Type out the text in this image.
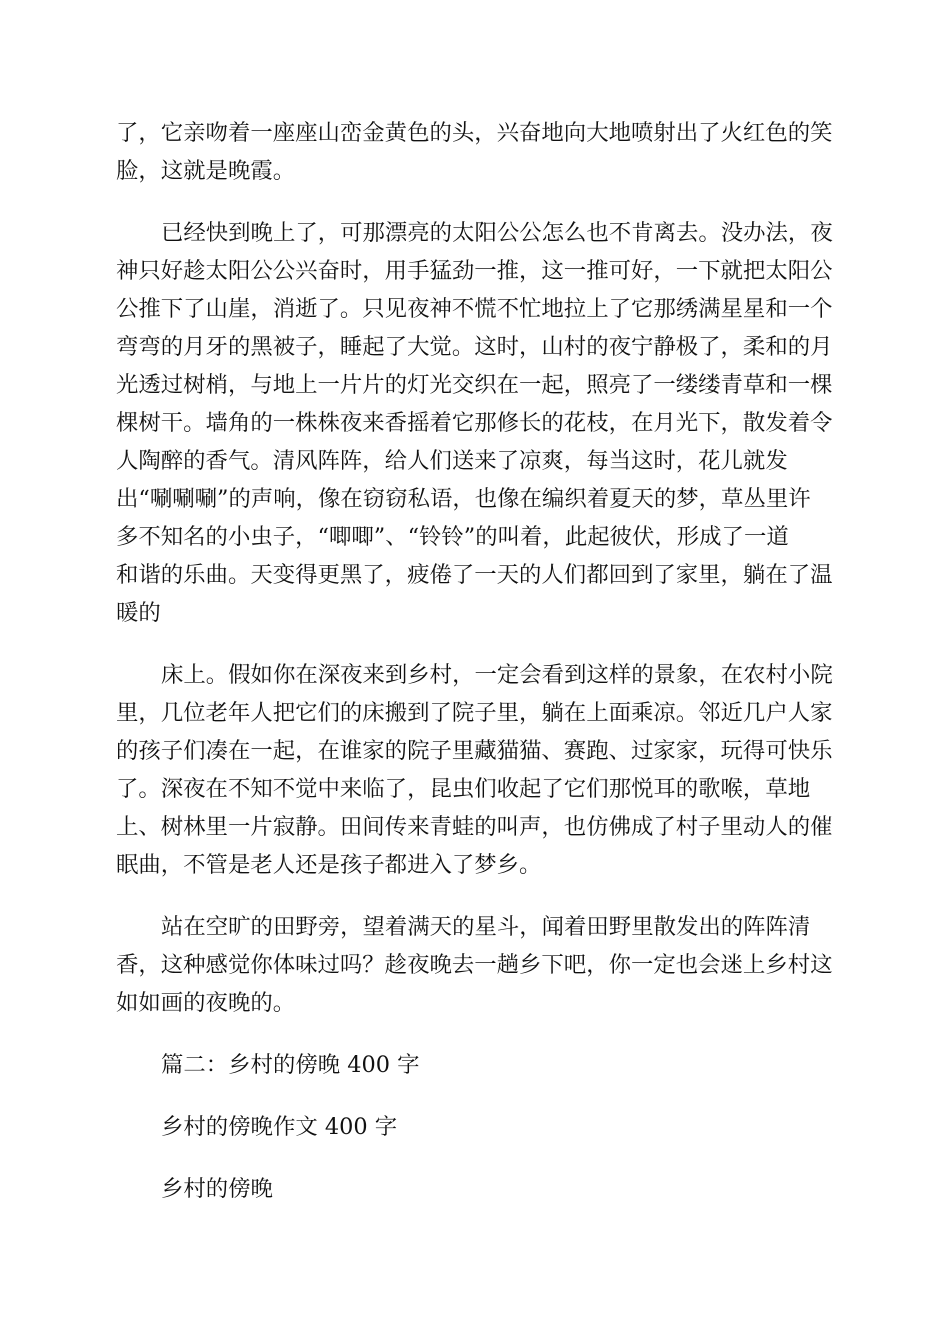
了，它亲吻着一座座山峦金黄色的头，兴奋地向大地喷射出了火红色的笑
脸，这就是晚霞。
已经快到晚上了，可那漂亮的太阳公公怎么也不肯离去。没办法，夜
神只好趁太阳公公兴奋时，用手猛劲一推，这一推可好，一下就把太阳公
公推下了山崖，消逝了。只见夜神不慌不忙地拉上了它那绣满星星和一个
弯弯的月牙的黑被子，睡起了大觉。这时，山村的夜宁静极了，柔和的月
光透过树梢，与地上一片片的灯光交织在一起，照亮了一缕缕青草和一棵
棵树干。墙角的一株株夜来香摇着它那修长的花枝，在月光下，散发着令
人陶醉的香气。清风阵阵，给人们送来了凉爽，每当这时，花儿就发
出“唰唰唰”的声响，像在窃窃私语，也像在编织着夏天的梦，草丛里许
多不知名的小虫子，“唧唧”、“铃铃”的叫着，此起彼伏，形成了一道
和谐的乐曲。天变得更黑了，疲倦了一天的人们都回到了家里，躺在了温
暖的
床上。假如你在深夜来到乡村，一定会看到这样的景象，在农村小院
里，几位老年人把它们的床搬到了院子里，躺在上面乘凉。邻近几户人家
的孩子们凑在一起，在谁家的院子里藏猫猫、赛跑、过家家，玩得可快乐
了。深夜在不知不觉中来临了，昆虫们收起了它们那悦耳的歌喉，草地
上、树林里一片寂静。田间传来青蛙的叫声，也仿佛成了村子里动人的催
眠曲，不管是老人还是孩子都进入了梦乡。
站在空旷的田野旁，望着满天的星斗，闻着田野里散发出的阵阵清
香，这种感觉你体味过吗？趁夜晚去一趟乡下吧，你一定也会迷上乡村这
如如画的夜晚的。
篇二：乡村的傍晚 400 字
乡村的傍晚作文 400 字
乡村的傍晚
